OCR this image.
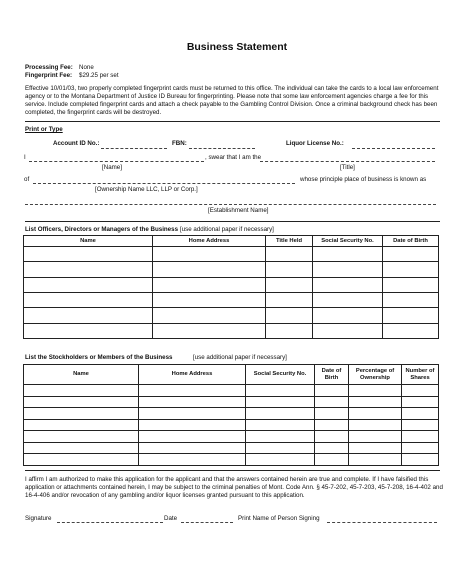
Business Statement
Processing Fee: None
Fingerprint Fee: $29.25 per set
Effective 10/01/03, two properly completed fingerprint cards must be returned to this office. The individual can take the cards to a local law enforcement agency or to the Montana Department of Justice ID Bureau for fingerprinting. Please note that some law enforcement agencies charge a fee for this service. Include completed fingerprint cards and attach a check payable to the Gambling Control Division. Once a criminal background check has been completed, the fingerprint cards will be destroyed.
Print or Type
Account ID No.:	FBN:	Liquor License No.:
I	, swear that I am the
[Name]	[Title]
of	whose principle place of business is known as
[Ownership Name LLC, LLP or Corp.]
[Establishment Name]
List Officers, Directors or Managers of the Business [use additional paper if necessary]
Name	Home Address	Title Held	Social Security No.	Date of Birth

List the Stockholders or Members of the Business	[use additional paper if necessary]
Name	Home Address	Social Security No.	Date of Birth	Percentage of Ownership	Number of Shares

I affirm I am authorized to make this application for the applicant and that the answers contained herein are true and complete. If I have falsified this application or attachments contained herein, I may be subject to the criminal penalties of Mont. Code Ann. § 45-7-202, 45-7-203, 45-7-208, 16-4-402 and 16-4-406 and/or revocation of any gambling and/or liquor licenses granted pursuant to this application.
Signature	Date	Print Name of Person Signing
